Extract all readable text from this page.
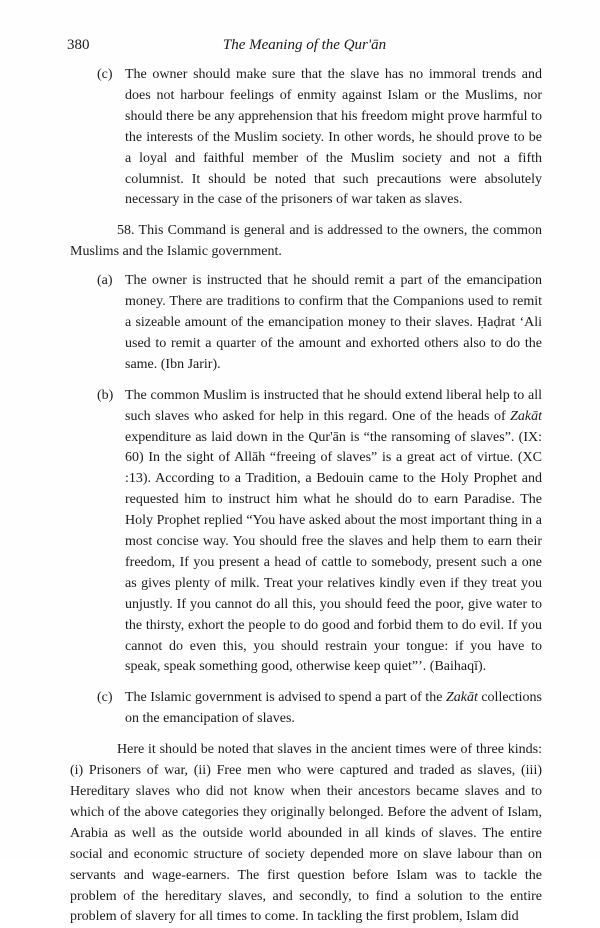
380	The Meaning of the Qur'ān
(c) The owner should make sure that the slave has no immoral trends and does not harbour feelings of enmity against Islam or the Muslims, nor should there be any apprehension that his freedom might prove harmful to the interests of the Muslim society. In other words, he should prove to be a loyal and faithful member of the Muslim society and not a fifth columnist. It should be noted that such precautions were absolutely necessary in the case of the prisoners of war taken as slaves.

58. This Command is general and is addressed to the owners, the common Muslims and the Islamic government.

(a) The owner is instructed that he should remit a part of the emancipation money. There are traditions to confirm that the Companions used to remit a sizeable amount of the emancipation money to their slaves. Ḥaḍrat ‘Ali used to remit a quarter of the amount and exhorted others also to do the same. (Ibn Jarir).

(b) The common Muslim is instructed that he should extend liberal help to all such slaves who asked for help in this regard. One of the heads of Zakāt expenditure as laid down in the Qur'ān is “the ransoming of slaves”. (IX: 60) In the sight of Allāh “freeing of slaves” is a great act of virtue. (XC :13). According to a Tradition, a Bedouin came to the Holy Prophet and requested him to instruct him what he should do to earn Paradise. The Holy Prophet replied “You have asked about the most important thing in a most concise way. You should free the slaves and help them to earn their freedom, If you present a head of cattle to somebody, present such a one as gives plenty of milk. Treat your relatives kindly even if they treat you unjustly. If you cannot do all this, you should feed the poor, give water to the thirsty, exhort the people to do good and forbid them to do evil. If you cannot do even this, you should restrain your tongue: if you have to speak, speak something good, otherwise keep quiet”’. (Baihaqī).

(c) The Islamic government is advised to spend a part of the Zakāt collections on the emancipation of slaves.

Here it should be noted that slaves in the ancient times were of three kinds: (i) Prisoners of war, (ii) Free men who were captured and traded as slaves, (iii) Hereditary slaves who did not know when their ancestors became slaves and to which of the above categories they originally belonged. Before the advent of Islam, Arabia as well as the outside world abounded in all kinds of slaves. The entire social and economic structure of society depended more on slave labour than on servants and wage-earners. The first question before Islam was to tackle the problem of the hereditary slaves, and secondly, to find a solution to the entire problem of slavery for all times to come. In tackling the first problem, Islam did
